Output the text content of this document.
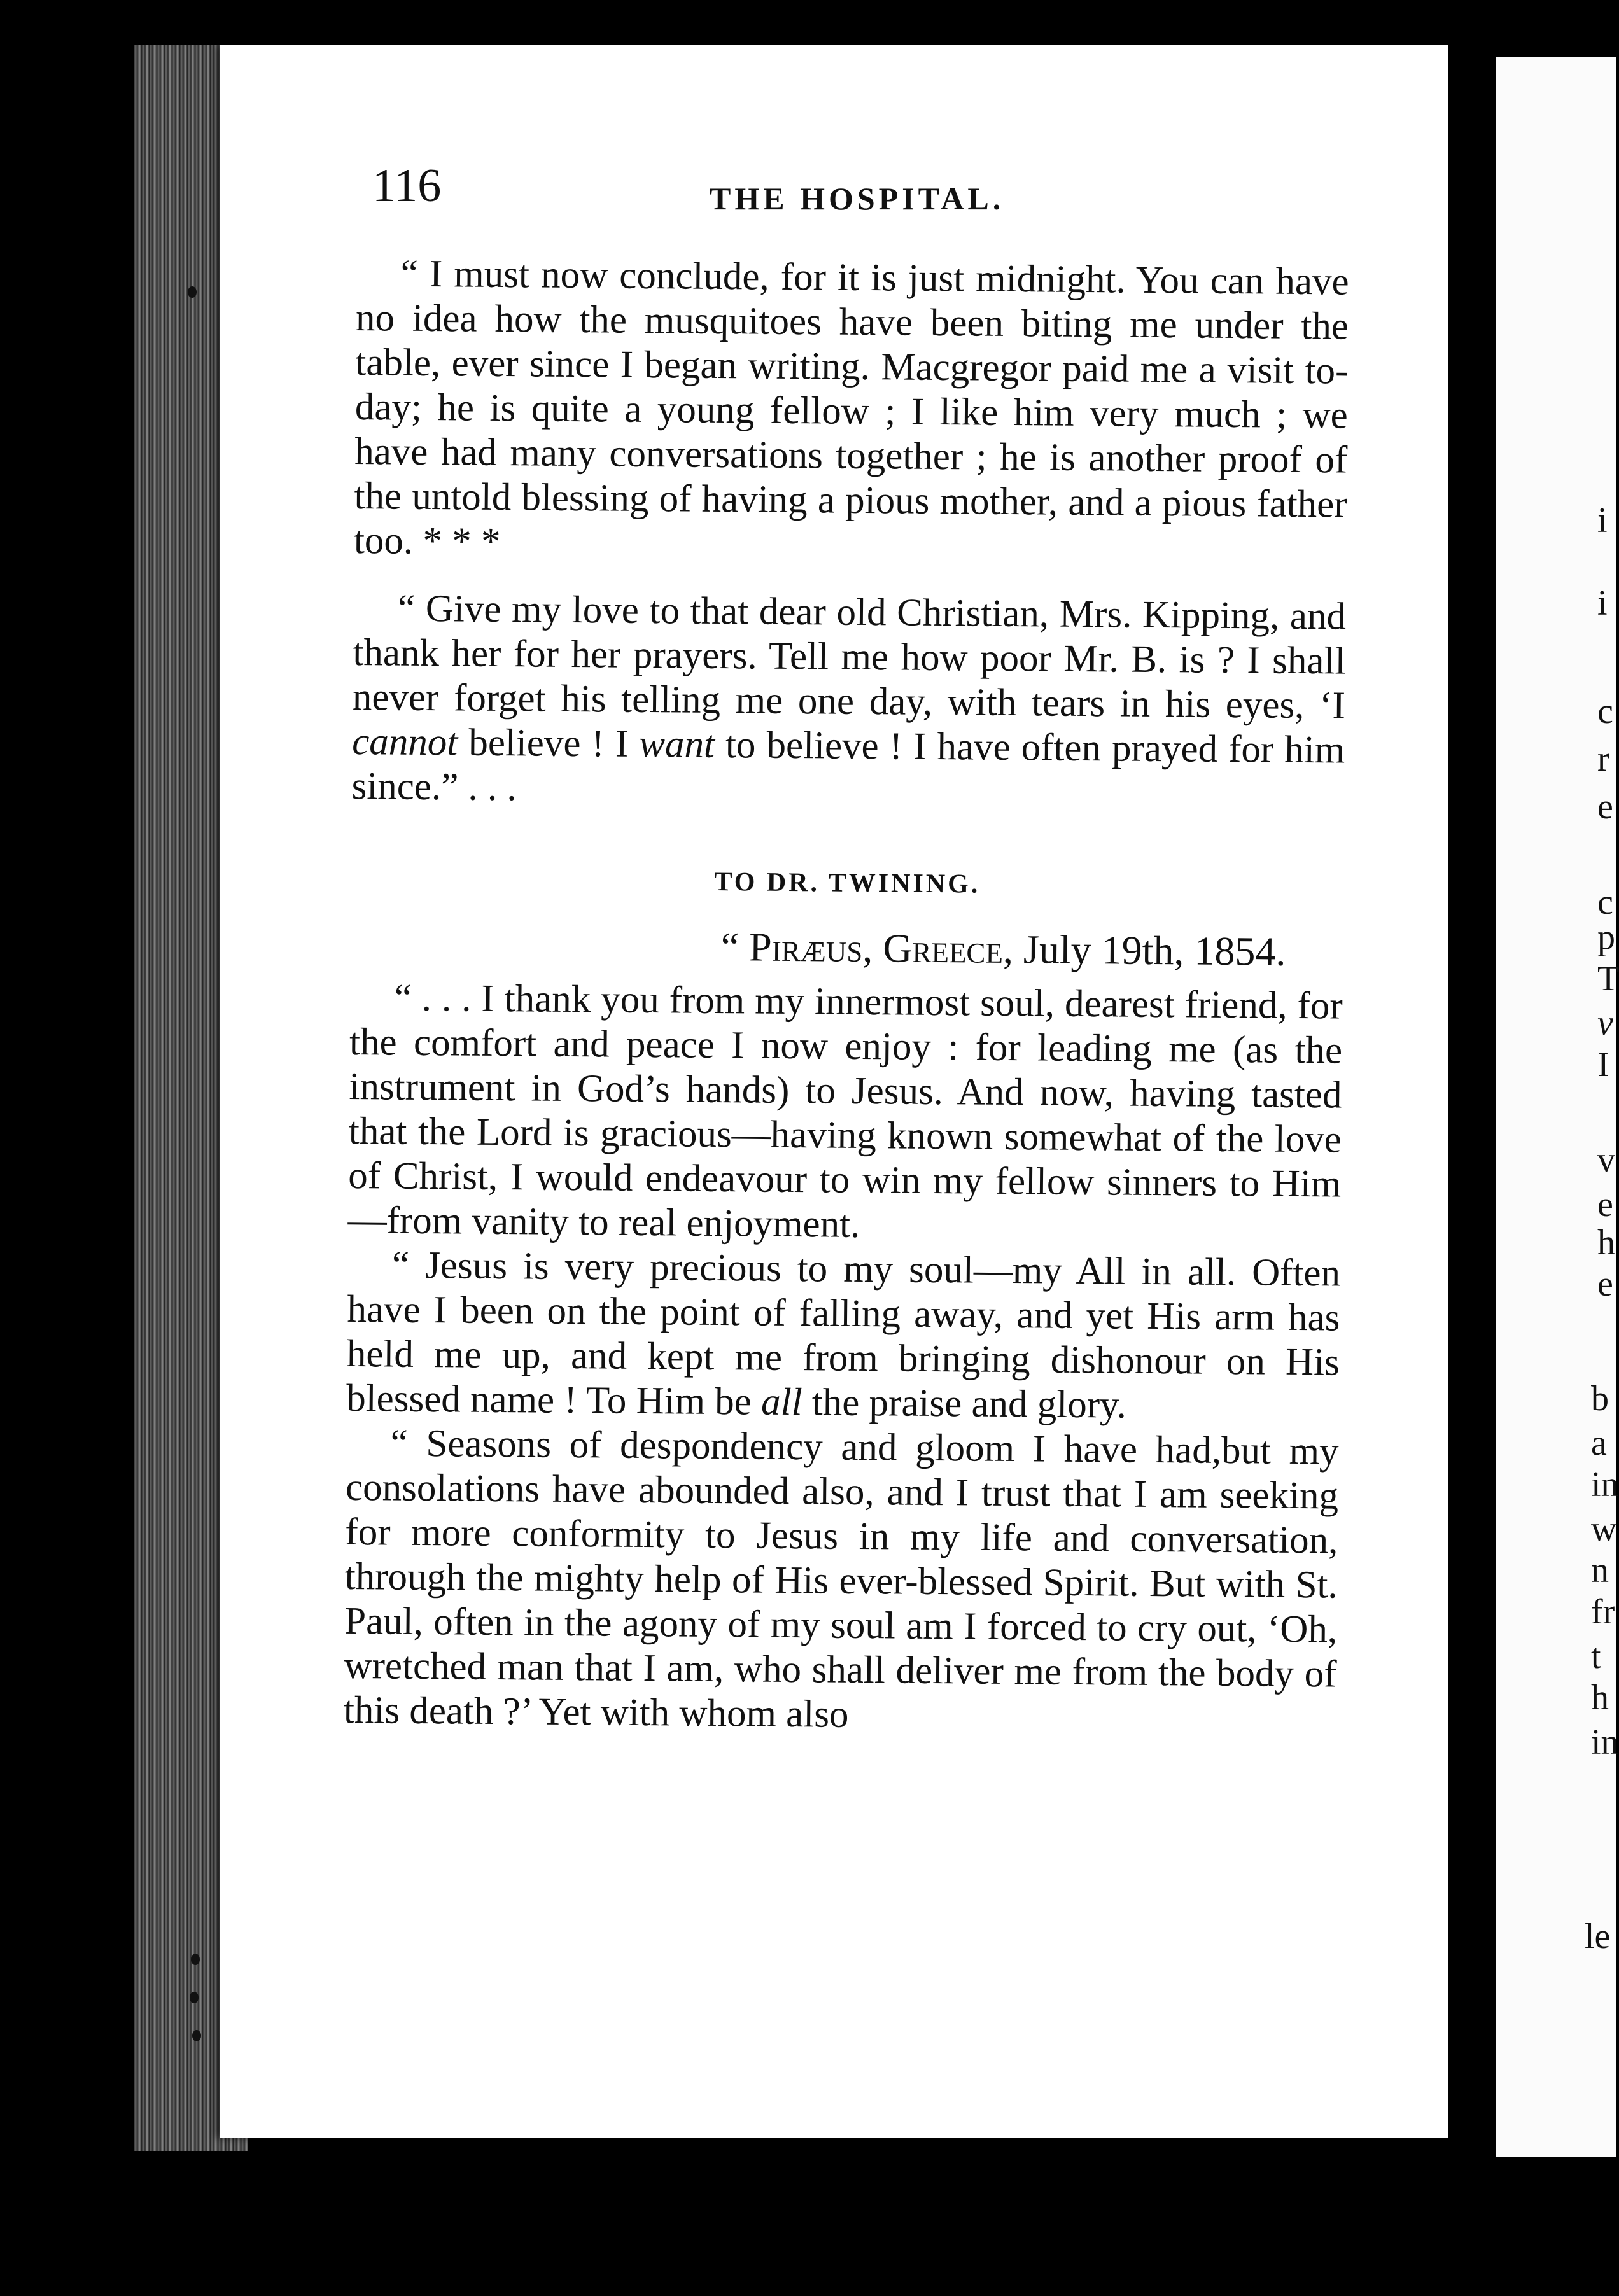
116	THE HOSPITAL.

“ I must now conclude, for it is just midnight. You can have no idea how the musquitoes have been biting me under the table, ever since I began writing. Macgregor paid me a visit to-day; he is quite a young fellow ; I like him very much ; we have had many conversations together ; he is another proof of the untold blessing of having a pious mother, and a pious father too. * * *

“ Give my love to that dear old Christian, Mrs. Kipping, and thank her for her prayers. Tell me how poor Mr. B. is ? I shall never forget his telling me one day, with tears in his eyes, ‘I cannot believe ! I want to believe ! I have often prayed for him since.” . . .

TO DR. TWINING.
“ Piræus, Greece, July 19th, 1854.

“ . . . I thank you from my innermost soul, dearest friend, for the comfort and peace I now enjoy : for leading me (as the instrument in God’s hands) to Jesus. And now, having tasted that the Lord is gracious—having known somewhat of the love of Christ, I would endeavour to win my fellow sinners to Him —from vanity to real enjoyment.

“ Jesus is very precious to my soul—my All in all. Often have I been on the point of falling away, and yet His arm has held me up, and kept me from bringing dishonour on His blessed name ! To Him be all the praise and glory.

“ Seasons of despondency and gloom I have had,but my consolations have abounded also, and I trust that I am seeking for more conformity to Jesus in my life and conversation, through the mighty help of His ever-blessed Spirit. But with St. Paul, often in the agony of my soul am I forced to cry out, ‘Oh, wretched man that I am, who shall deliver me from the body of this death ?’ Yet with whom also

i
i
c
r
e
c
p
T
v
I
v
e
h
e
b
a
in
w
n
fr
t
h
in
le
